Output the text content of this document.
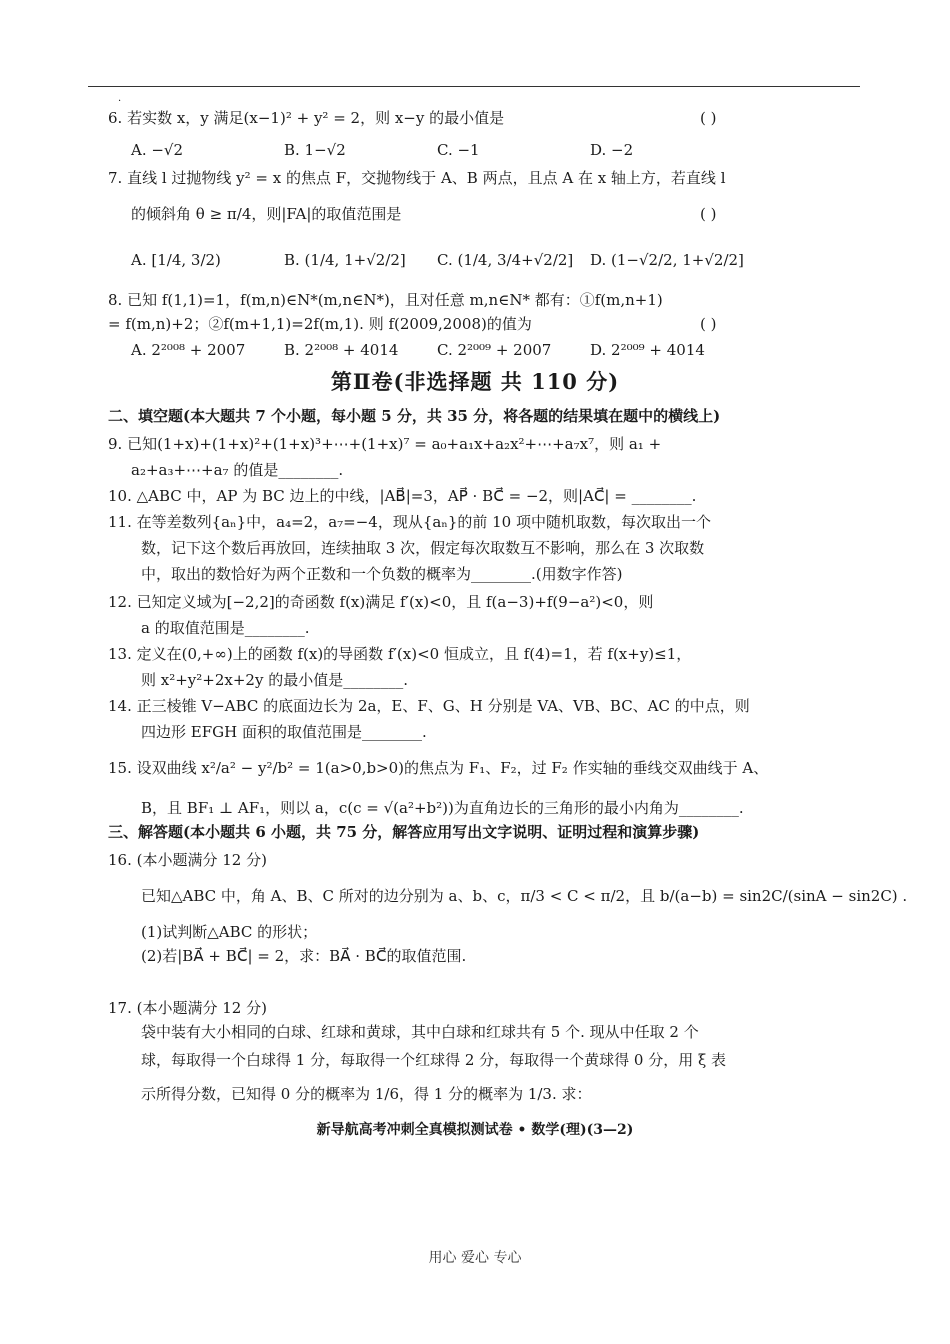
·
6. 若实数 x，y 满足(x−1)² + y² = 2，则 x−y 的最小值是	( )
A. −√2	B. 1−√2	C. −1	D. −2
7. 直线 l 过抛物线 y² = x 的焦点 F，交抛物线于 A、B 两点，且点 A 在 x 轴上方，若直线 l
的倾斜角 θ ≥ π/4，则|FA|的取值范围是	( )
A. [1/4, 3/2)	B. (1/4, 1+√2/2] C. (1/4, 3/4+√2/2] D. (1−√2/2, 1+√2/2]
8. 已知 f(1,1)=1，f(m,n)∈N*(m,n∈N*)，且对任意 m,n∈N* 都有：①f(m,n+1)
= f(m,n)+2；②f(m+1,1)=2f(m,1). 则 f(2009,2008)的值为	( )
A. 2²⁰⁰⁸ + 2007	B. 2²⁰⁰⁸ + 4014	C. 2²⁰⁰⁹ + 2007	D. 2²⁰⁰⁹ + 4014
第Ⅱ卷(非选择题 共 110 分)
二、填空题(本大题共 7 个小题，每小题 5 分，共 35 分，将各题的结果填在题中的横线上)
9. 已知(1+x)+(1+x)²+(1+x)³+⋯+(1+x)⁷ = a₀+a₁x+a₂x²+⋯+a₇x⁷，则 a₁ +
a₂+a₃+⋯+a₇ 的值是________.
10. △ABC 中，AP 为 BC 边上的中线，|AB⃗|=3，AP⃗ · BC⃗ = −2，则|AC⃗| = ________.
11. 在等差数列{aₙ}中，a₄=2，a₇=−4，现从{aₙ}的前 10 项中随机取数，每次取出一个
数，记下这个数后再放回，连续抽取 3 次，假定每次取数互不影响，那么在 3 次取数
中，取出的数恰好为两个正数和一个负数的概率为________.(用数字作答)
12. 已知定义域为[−2,2]的奇函数 f(x)满足 f′(x)<0，且 f(a−3)+f(9−a²)<0，则
a 的取值范围是________.
13. 定义在(0,+∞)上的函数 f(x)的导函数 f′(x)<0 恒成立，且 f(4)=1，若 f(x+y)≤1，
则 x²+y²+2x+2y 的最小值是________.
14. 正三棱锥 V−ABC 的底面边长为 2a，E、F、G、H 分别是 VA、VB、BC、AC 的中点，则
四边形 EFGH 面积的取值范围是________.
15. 设双曲线 x²/a² − y²/b² = 1(a>0,b>0)的焦点为 F₁、F₂，过 F₂ 作实轴的垂线交双曲线于 A、
B，且 BF₁ ⊥ AF₁，则以 a，c(c = √(a²+b²))为直角边长的三角形的最小内角为________.
三、解答题(本小题共 6 小题，共 75 分，解答应用写出文字说明、证明过程和演算步骤)
16. (本小题满分 12 分)
已知△ABC 中，角 A、B、C 所对的边分别为 a、b、c，π/3 < C < π/2，且 b/(a−b) = sin2C/(sinA − sin2C) .
(1)试判断△ABC 的形状；
(2)若|BA⃗ + BC⃗| = 2，求：BA⃗ · BC⃗的取值范围.
17. (本小题满分 12 分)
袋中装有大小相同的白球、红球和黄球，其中白球和红球共有 5 个. 现从中任取 2 个
球，每取得一个白球得 1 分，每取得一个红球得 2 分，每取得一个黄球得 0 分，用 ξ 表
示所得分数，已知得 0 分的概率为 1/6，得 1 分的概率为 1/3. 求：
新导航高考冲刺全真模拟测试卷 • 数学(理)(3—2)
用心 爱心 专心
